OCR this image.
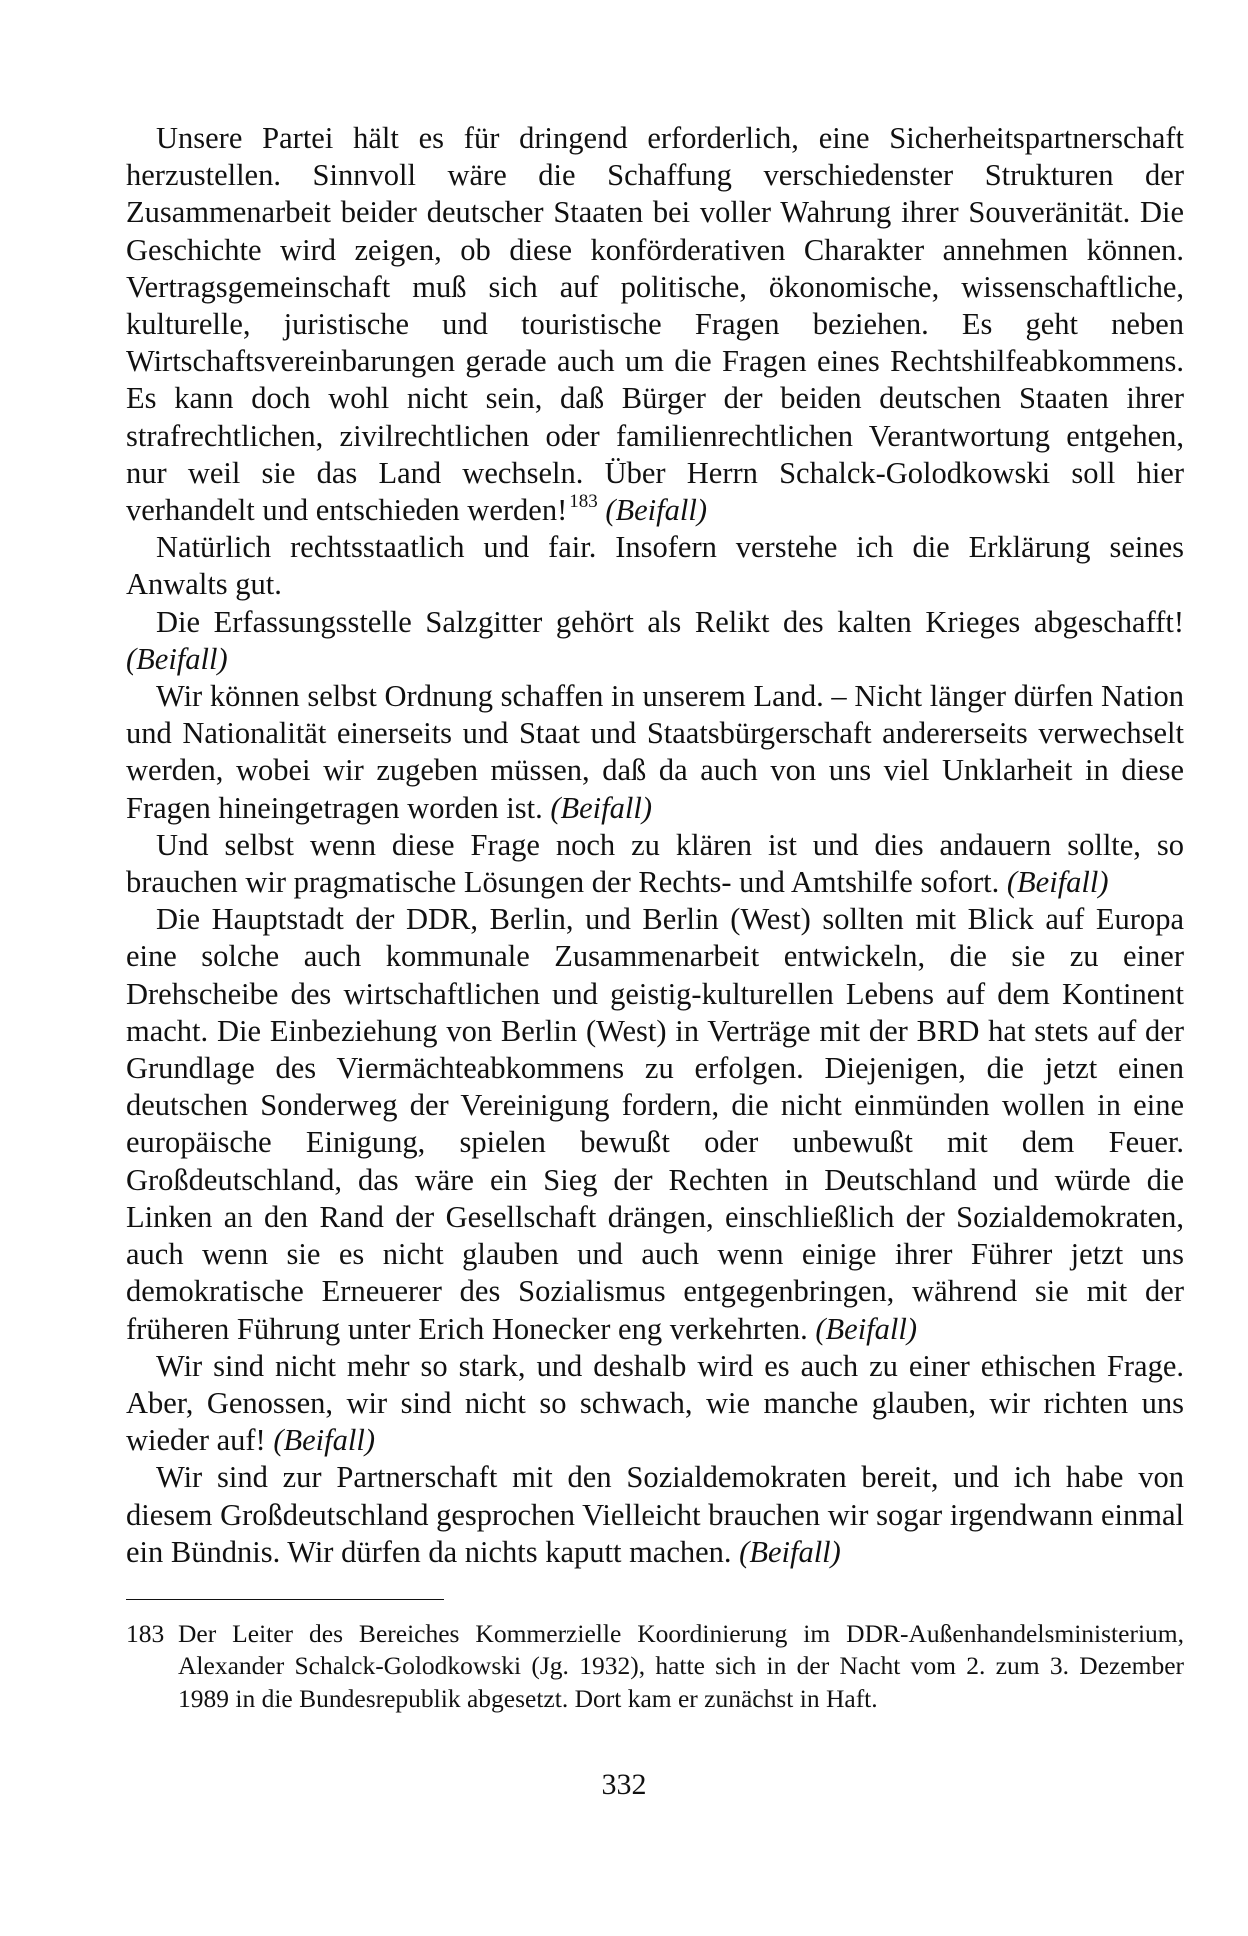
Unsere Partei hält es für dringend erforderlich, eine Sicherheitspartnerschaft herzustellen. Sinnvoll wäre die Schaffung verschiedenster Strukturen der Zusammenarbeit beider deutscher Staaten bei voller Wahrung ihrer Souveränität. Die Geschichte wird zeigen, ob diese konförderativen Charakter annehmen können. Vertragsgemeinschaft muß sich auf politische, ökonomische, wissenschaftliche, kulturelle, juristische und touristische Fragen beziehen. Es geht neben Wirtschaftsvereinbarungen gerade auch um die Fragen eines Rechtshilfeabkommens. Es kann doch wohl nicht sein, daß Bürger der beiden deutschen Staaten ihrer strafrechtlichen, zivilrechtlichen oder familienrechtlichen Verantwortung entgehen, nur weil sie das Land wechseln. Über Herrn Schalck-Golodkowski soll hier verhandelt und entschieden werden! $^{183}$ (Beifall)

Natürlich rechtsstaatlich und fair. Insofern verstehe ich die Erklärung seines Anwalts gut.

Die Erfassungsstelle Salzgitter gehört als Relikt des kalten Krieges abgeschafft! (Beifall)

Wir können selbst Ordnung schaffen in unserem Land. – Nicht länger dürfen Nation und Nationalität einerseits und Staat und Staatsbürgerschaft andererseits verwechselt werden, wobei wir zugeben müssen, daß da auch von uns viel Unklarheit in diese Fragen hineingetragen worden ist. (Beifall)

Und selbst wenn diese Frage noch zu klären ist und dies andauern sollte, so brauchen wir pragmatische Lösungen der Rechts- und Amtshilfe sofort. (Beifall)

Die Hauptstadt der DDR, Berlin, und Berlin (West) sollten mit Blick auf Europa eine solche auch kommunale Zusammenarbeit entwickeln, die sie zu einer Drehscheibe des wirtschaftlichen und geistig-kulturellen Lebens auf dem Kontinent macht. Die Einbeziehung von Berlin (West) in Verträge mit der BRD hat stets auf der Grundlage des Viermächteabkommens zu erfolgen. Diejenigen, die jetzt einen deutschen Sonderweg der Vereinigung fordern, die nicht einmünden wollen in eine europäische Einigung, spielen bewußt oder unbewußt mit dem Feuer. Großdeutschland, das wäre ein Sieg der Rechten in Deutschland und würde die Linken an den Rand der Gesellschaft drängen, einschließlich der Sozialdemokraten, auch wenn sie es nicht glauben und auch wenn einige ihrer Führer jetzt uns demokratische Erneuerer des Sozialismus entgegenbringen, während sie mit der früheren Führung unter Erich Honecker eng verkehrten. (Beifall)

Wir sind nicht mehr so stark, und deshalb wird es auch zu einer ethischen Frage. Aber, Genossen, wir sind nicht so schwach, wie manche glauben, wir richten uns wieder auf! (Beifall)

Wir sind zur Partnerschaft mit den Sozialdemokraten bereit, und ich habe von diesem Großdeutschland gesprochen Vielleicht brauchen wir sogar irgendwann einmal ein Bündnis. Wir dürfen da nichts kaputt machen. (Beifall)

183 Der Leiter des Bereiches Kommerzielle Koordinierung im DDR-Außenhandelsministerium, Alexander Schalck-Golodkowski (Jg. 1932), hatte sich in der Nacht vom 2. zum 3. Dezember 1989 in die Bundesrepublik abgesetzt. Dort kam er zunächst in Haft.
332
